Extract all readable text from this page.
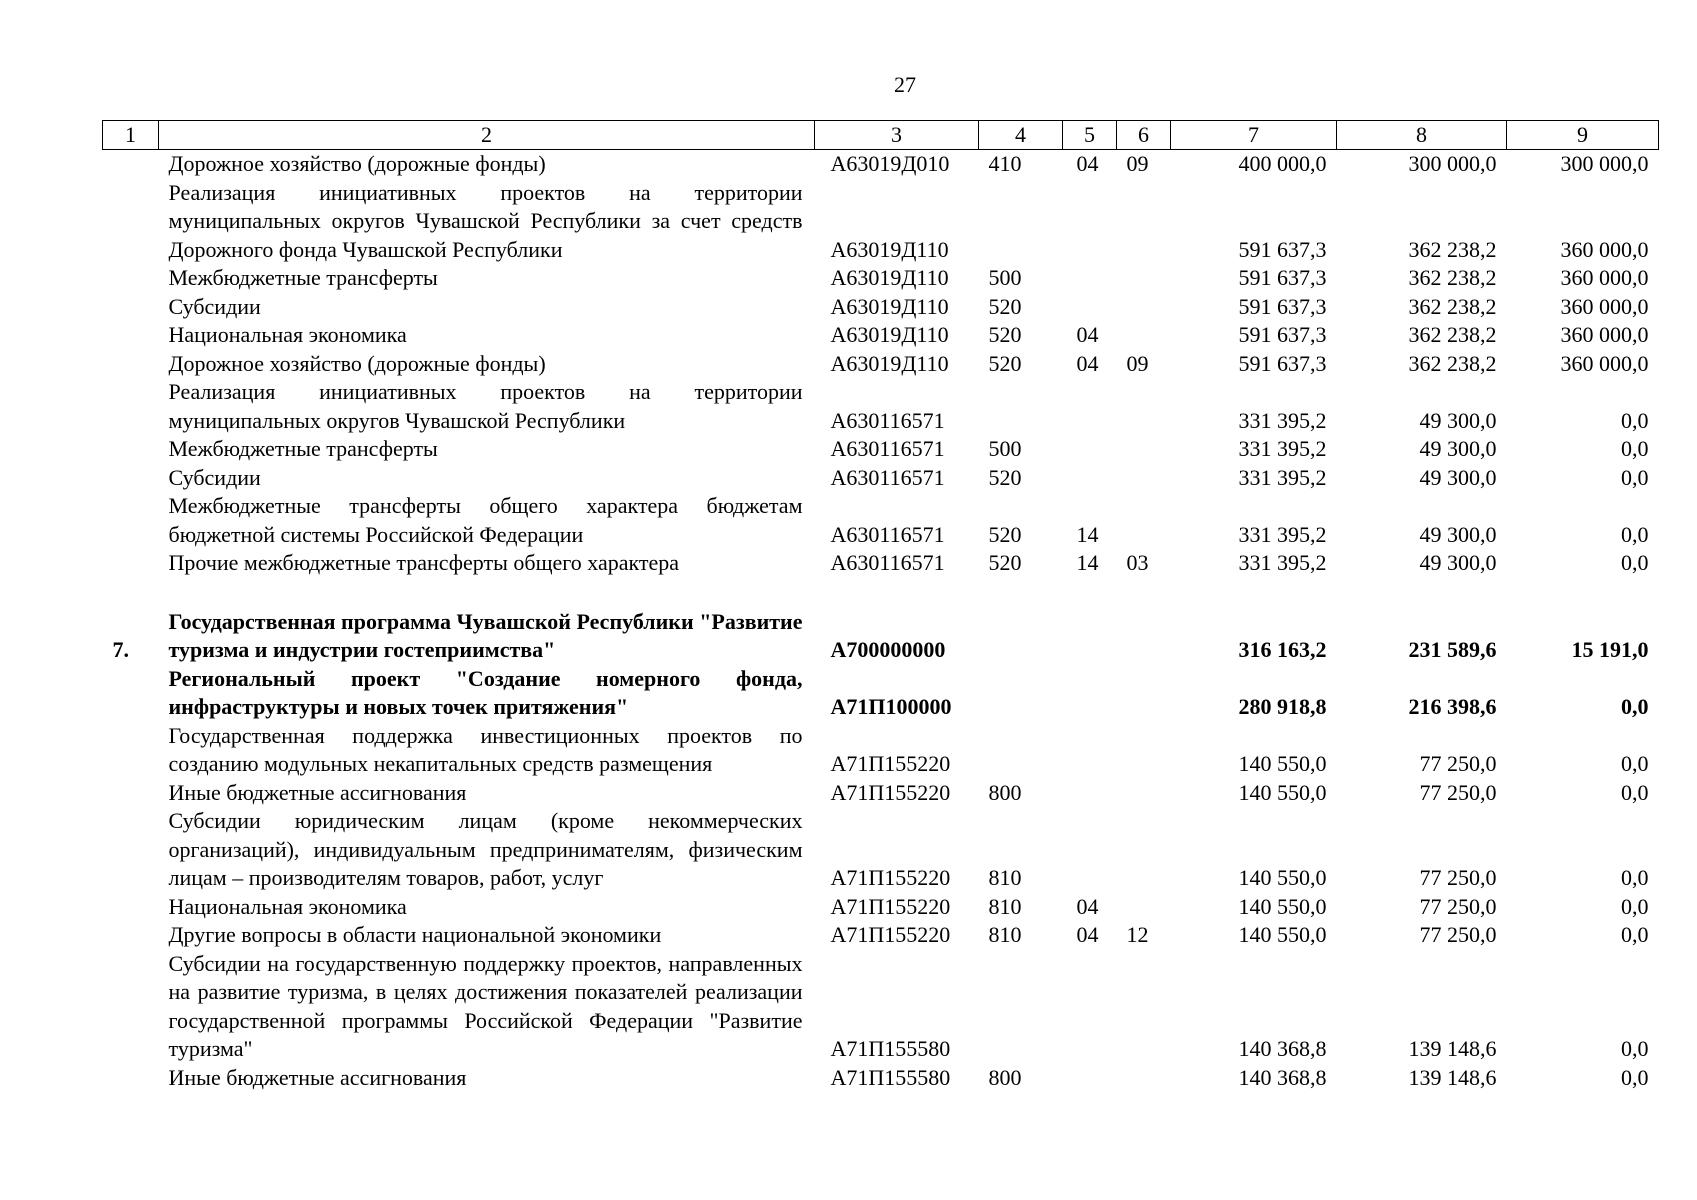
27
1	2	3	4	5	6	7	8	9
	Дорожное хозяйство (дорожные фонды)	А63019Д010	410	04	09	400 000,0	300 000,0	300 000,0
	Реализация инициативных проектов на территории муниципальных округов Чувашской Республики за счет средств Дорожного фонда Чувашской Республики	А63019Д110				591 637,3	362 238,2	360 000,0
	Межбюджетные трансферты	А63019Д110	500			591 637,3	362 238,2	360 000,0
	Субсидии	А63019Д110	520			591 637,3	362 238,2	360 000,0
	Национальная экономика	А63019Д110	520	04		591 637,3	362 238,2	360 000,0
	Дорожное хозяйство (дорожные фонды)	А63019Д110	520	04	09	591 637,3	362 238,2	360 000,0
	Реализация инициативных проектов на территории муниципальных округов Чувашской Республики	А630116571				331 395,2	49 300,0	0,0
	Межбюджетные трансферты	А630116571	500			331 395,2	49 300,0	0,0
	Субсидии	А630116571	520			331 395,2	49 300,0	0,0
	Межбюджетные трансферты общего характера бюджетам бюджетной системы Российской Федерации	А630116571	520	14		331 395,2	49 300,0	0,0
	Прочие межбюджетные трансферты общего характера	А630116571	520	14	03	331 395,2	49 300,0	0,0

7.	Государственная программа Чувашской Республики "Развитие туризма и индустрии гостеприимства"	А700000000				316 163,2	231 589,6	15 191,0
	Региональный проект "Создание номерного фонда, инфраструктуры и новых точек притяжения"	А71П100000				280 918,8	216 398,6	0,0
	Государственная поддержка инвестиционных проектов по созданию модульных некапитальных средств размещения	А71П155220				140 550,0	77 250,0	0,0
	Иные бюджетные ассигнования	А71П155220	800			140 550,0	77 250,0	0,0
	Субсидии юридическим лицам (кроме некоммерческих организаций), индивидуальным предпринимателям, физическим лицам – производителям товаров, работ, услуг	А71П155220	810			140 550,0	77 250,0	0,0
	Национальная экономика	А71П155220	810	04		140 550,0	77 250,0	0,0
	Другие вопросы в области национальной экономики	А71П155220	810	04	12	140 550,0	77 250,0	0,0
	Субсидии на государственную поддержку проектов, направленных на развитие туризма, в целях достижения показателей реализации государственной программы Российской Федерации "Развитие туризма"	А71П155580				140 368,8	139 148,6	0,0
	Иные бюджетные ассигнования	А71П155580	800			140 368,8	139 148,6	0,0
